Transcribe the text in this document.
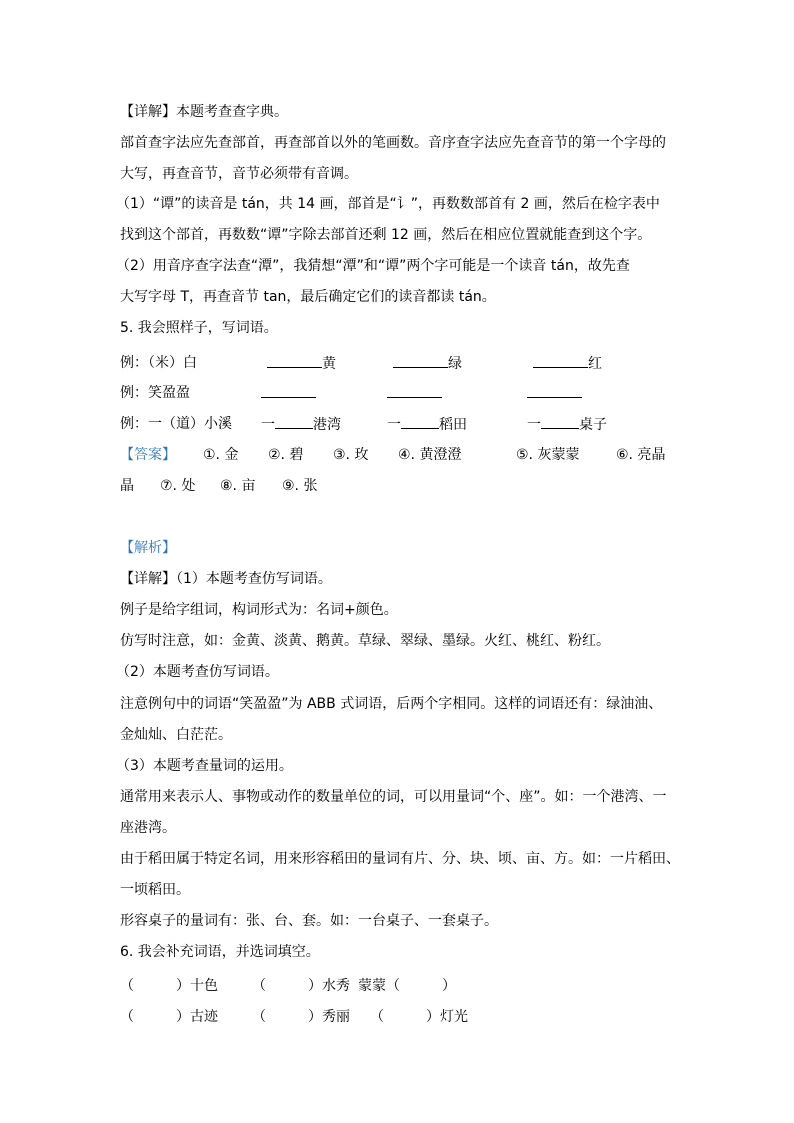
【详解】本题考查查字典。
部首查字法应先查部首，再查部首以外的笔画数。音序查字法应先查音节的第一个字母的
大写，再查音节，音节必须带有音调。
（1）“谭”的读音是 tán，共 14 画，部首是“讠”，再数数部首有 2 画，然后在检字表中
找到这个部首，再数数“谭”字除去部首还剩 12 画，然后在相应位置就能查到这个字。
（2）用音序查字法查“潭”，我猜想“潭”和“谭”两个字可能是一个读音 tán，故先查
大写字母 T，再查音节 tan，最后确定它们的读音都读 tán。
5. 我会照样子，写词语。
例：（米）白	黄	绿	红
例：笑盈盈
例：一（道）小溪 一	港湾	一	稻田	一	桌子
【答案】 ①. 金 ②. 碧 ③. 玫 ④. 黄澄澄	⑤. 灰蒙蒙	⑥. 亮晶
晶 ⑦. 处 ⑧. 亩 ⑨. 张
【解析】
【详解】（1）本题考查仿写词语。
例子是给字组词，构词形式为：名词+颜色。
仿写时注意，如：金黄、淡黄、鹅黄。草绿、翠绿、墨绿。火红、桃红、粉红。
（2）本题考查仿写词语。
注意例句中的词语“笑盈盈”为 ABB 式词语，后两个字相同。这样的词语还有：绿油油、
金灿灿、白茫茫。
（3）本题考查量词的运用。
通常用来表示人、事物或动作的数量单位的词，可以用量词“个、座”。如：一个港湾、一
座港湾。
由于稻田属于特定名词，用来形容稻田的量词有片、分、块、顷、亩、方。如：一片稻田、
一顷稻田。
形容桌子的量词有：张、台、套。如：一台桌子、一套桌子。
6. 我会补充词语，并选词填空。
（　　　）十色 （　　　）水秀 蒙蒙（　　　）
（　　　）古迹 （　　　）秀丽 （　　　）灯光
